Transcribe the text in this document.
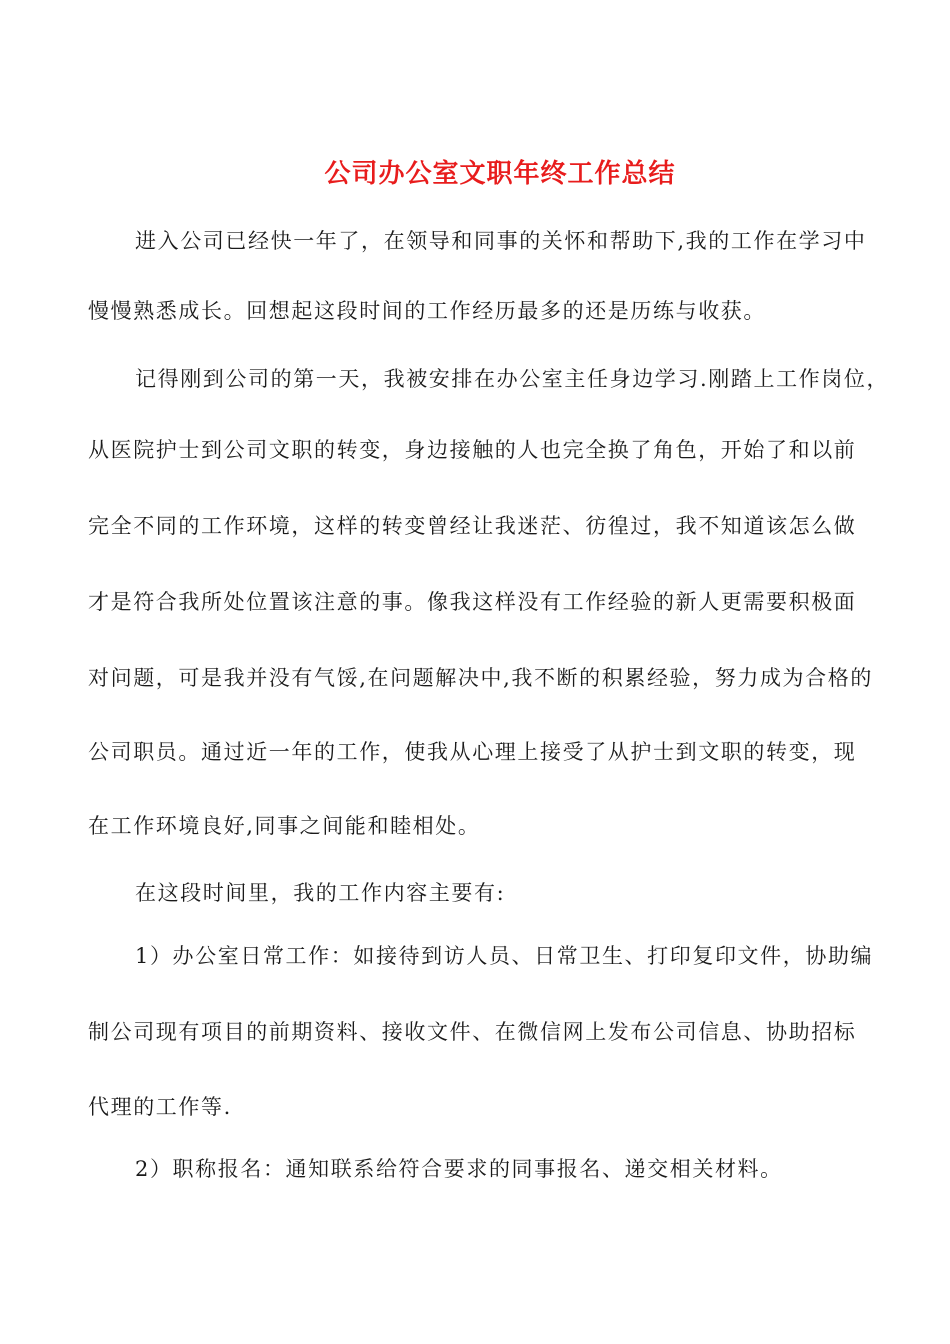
公司办公室文职年终工作总结
进入公司已经快一年了，在领导和同事的关怀和帮助下,我的工作在学习中
慢慢熟悉成长。回想起这段时间的工作经历最多的还是历练与收获。
记得刚到公司的第一天，我被安排在办公室主任身边学习.刚踏上工作岗位，
从医院护士到公司文职的转变，身边接触的人也完全换了角色，开始了和以前
完全不同的工作环境，这样的转变曾经让我迷茫、彷徨过，我不知道该怎么做
才是符合我所处位置该注意的事。像我这样没有工作经验的新人更需要积极面
对问题，可是我并没有气馁,在问题解决中,我不断的积累经验，努力成为合格的
公司职员。通过近一年的工作，使我从心理上接受了从护士到文职的转变，现
在工作环境良好,同事之间能和睦相处。
在这段时间里，我的工作内容主要有:
1）办公室日常工作：如接待到访人员、日常卫生、打印复印文件，协助编
制公司现有项目的前期资料、接收文件、在微信网上发布公司信息、协助招标
代理的工作等.
2）职称报名：通知联系给符合要求的同事报名、递交相关材料。
